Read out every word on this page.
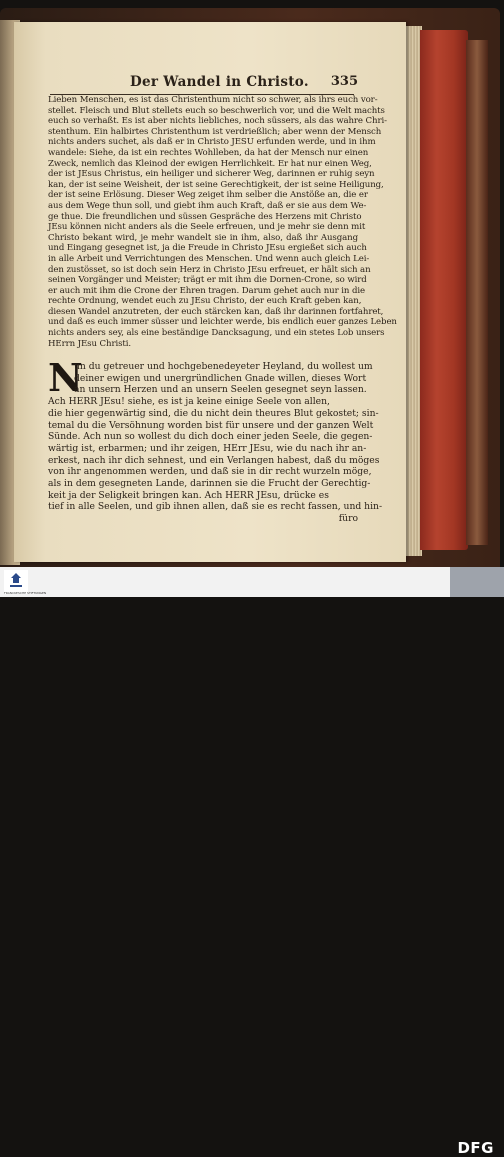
Der Wandel in Christo. 335
Lieben Menschen, es ist das Christenthum nicht so schwer, als ihrs euch vor-
stellet. Fleisch und Blut stellets euch so beschwerlich vor, und die Welt machts
euch so verhaßt. Es ist aber nichts liebliches, noch süssers, als das wahre Chri-
stenthum. Ein halbirtes Christenthum ist verdrießlich; aber wenn der Mensch
nichts anders suchet, als daß er in Christo JESU erfunden werde, und in ihm
wandele: Siehe, da ist ein rechtes Wohlleben, da hat der Mensch nur einen
Zweck, nemlich das Kleinod der ewigen Herrlichkeit. Er hat nur einen Weg,
der ist JEsus Christus, ein heiliger und sicherer Weg, darinnen er ruhig seyn
kan, der ist seine Weisheit, der ist seine Gerechtigkeit, der ist seine Heiligung,
der ist seine Erlösung. Dieser Weg zeiget ihm selber die Anstöße an, die er
aus dem Wege thun soll, und giebt ihm auch Kraft, daß er sie aus dem We-
ge thue. Die freundlichen und süssen Gespräche des Herzens mit Christo
JEsu können nicht anders als die Seele erfreuen, und je mehr sie denn mit
Christo bekant wird, je mehr wandelt sie in ihm, also, daß ihr Ausgang
und Eingang gesegnet ist, ja die Freude in Christo JEsu ergießet sich auch
in alle Arbeit und Verrichtungen des Menschen. Und wenn auch gleich Lei-
den zustösset, so ist doch sein Herz in Christo JEsu erfreuet, er hält sich an
seinen Vorgänger und Meister; trägt er mit ihm die Dornen-Crone, so wird
er auch mit ihm die Crone der Ehren tragen. Darum gehet auch nur in die
rechte Ordnung, wendet euch zu JEsu Christo, der euch Kraft geben kan,
diesen Wandel anzutreten, der euch stärcken kan, daß ihr darinnen fortfahret,
und daß es euch immer süsser und leichter werde, bis endlich euer ganzes Leben
nichts anders sey, als eine beständige Dancksagung, und ein stetes Lob unsers
HErrn JEsu Christi.
N
un du getreuer und hochgebenedeyeter Heyland, du wollest um
deiner ewigen und unergründlichen Gnade willen, dieses Wort
an unsern Herzen und an unsern Seelen gesegnet seyn lassen.
Ach HERR JEsu! siehe, es ist ja keine einige Seele von allen,
die hier gegenwärtig sind, die du nicht dein theures Blut gekostet; sin-
temal du die Versöhnung worden bist für unsere und der ganzen Welt
Sünde. Ach nun so wollest du dich doch einer jeden Seele, die gegen-
wärtig ist, erbarmen; und ihr zeigen, HErr JEsu, wie du nach ihr an-
erkest, nach ihr dich sehnest, und ein Verlangen habest, daß du möges
von ihr angenommen werden, und daß sie in dir recht wurzeln möge,
als in dem gesegneten Lande, darinnen sie die Frucht der Gerechtig-
keit ja der Seligkeit bringen kan. Ach HERR JEsu, drücke es
tief in alle Seelen, und gib ihnen allen, daß sie es recht fassen, und hin-
füro
FRANCKESCHE STIFTUNGEN
DFG
